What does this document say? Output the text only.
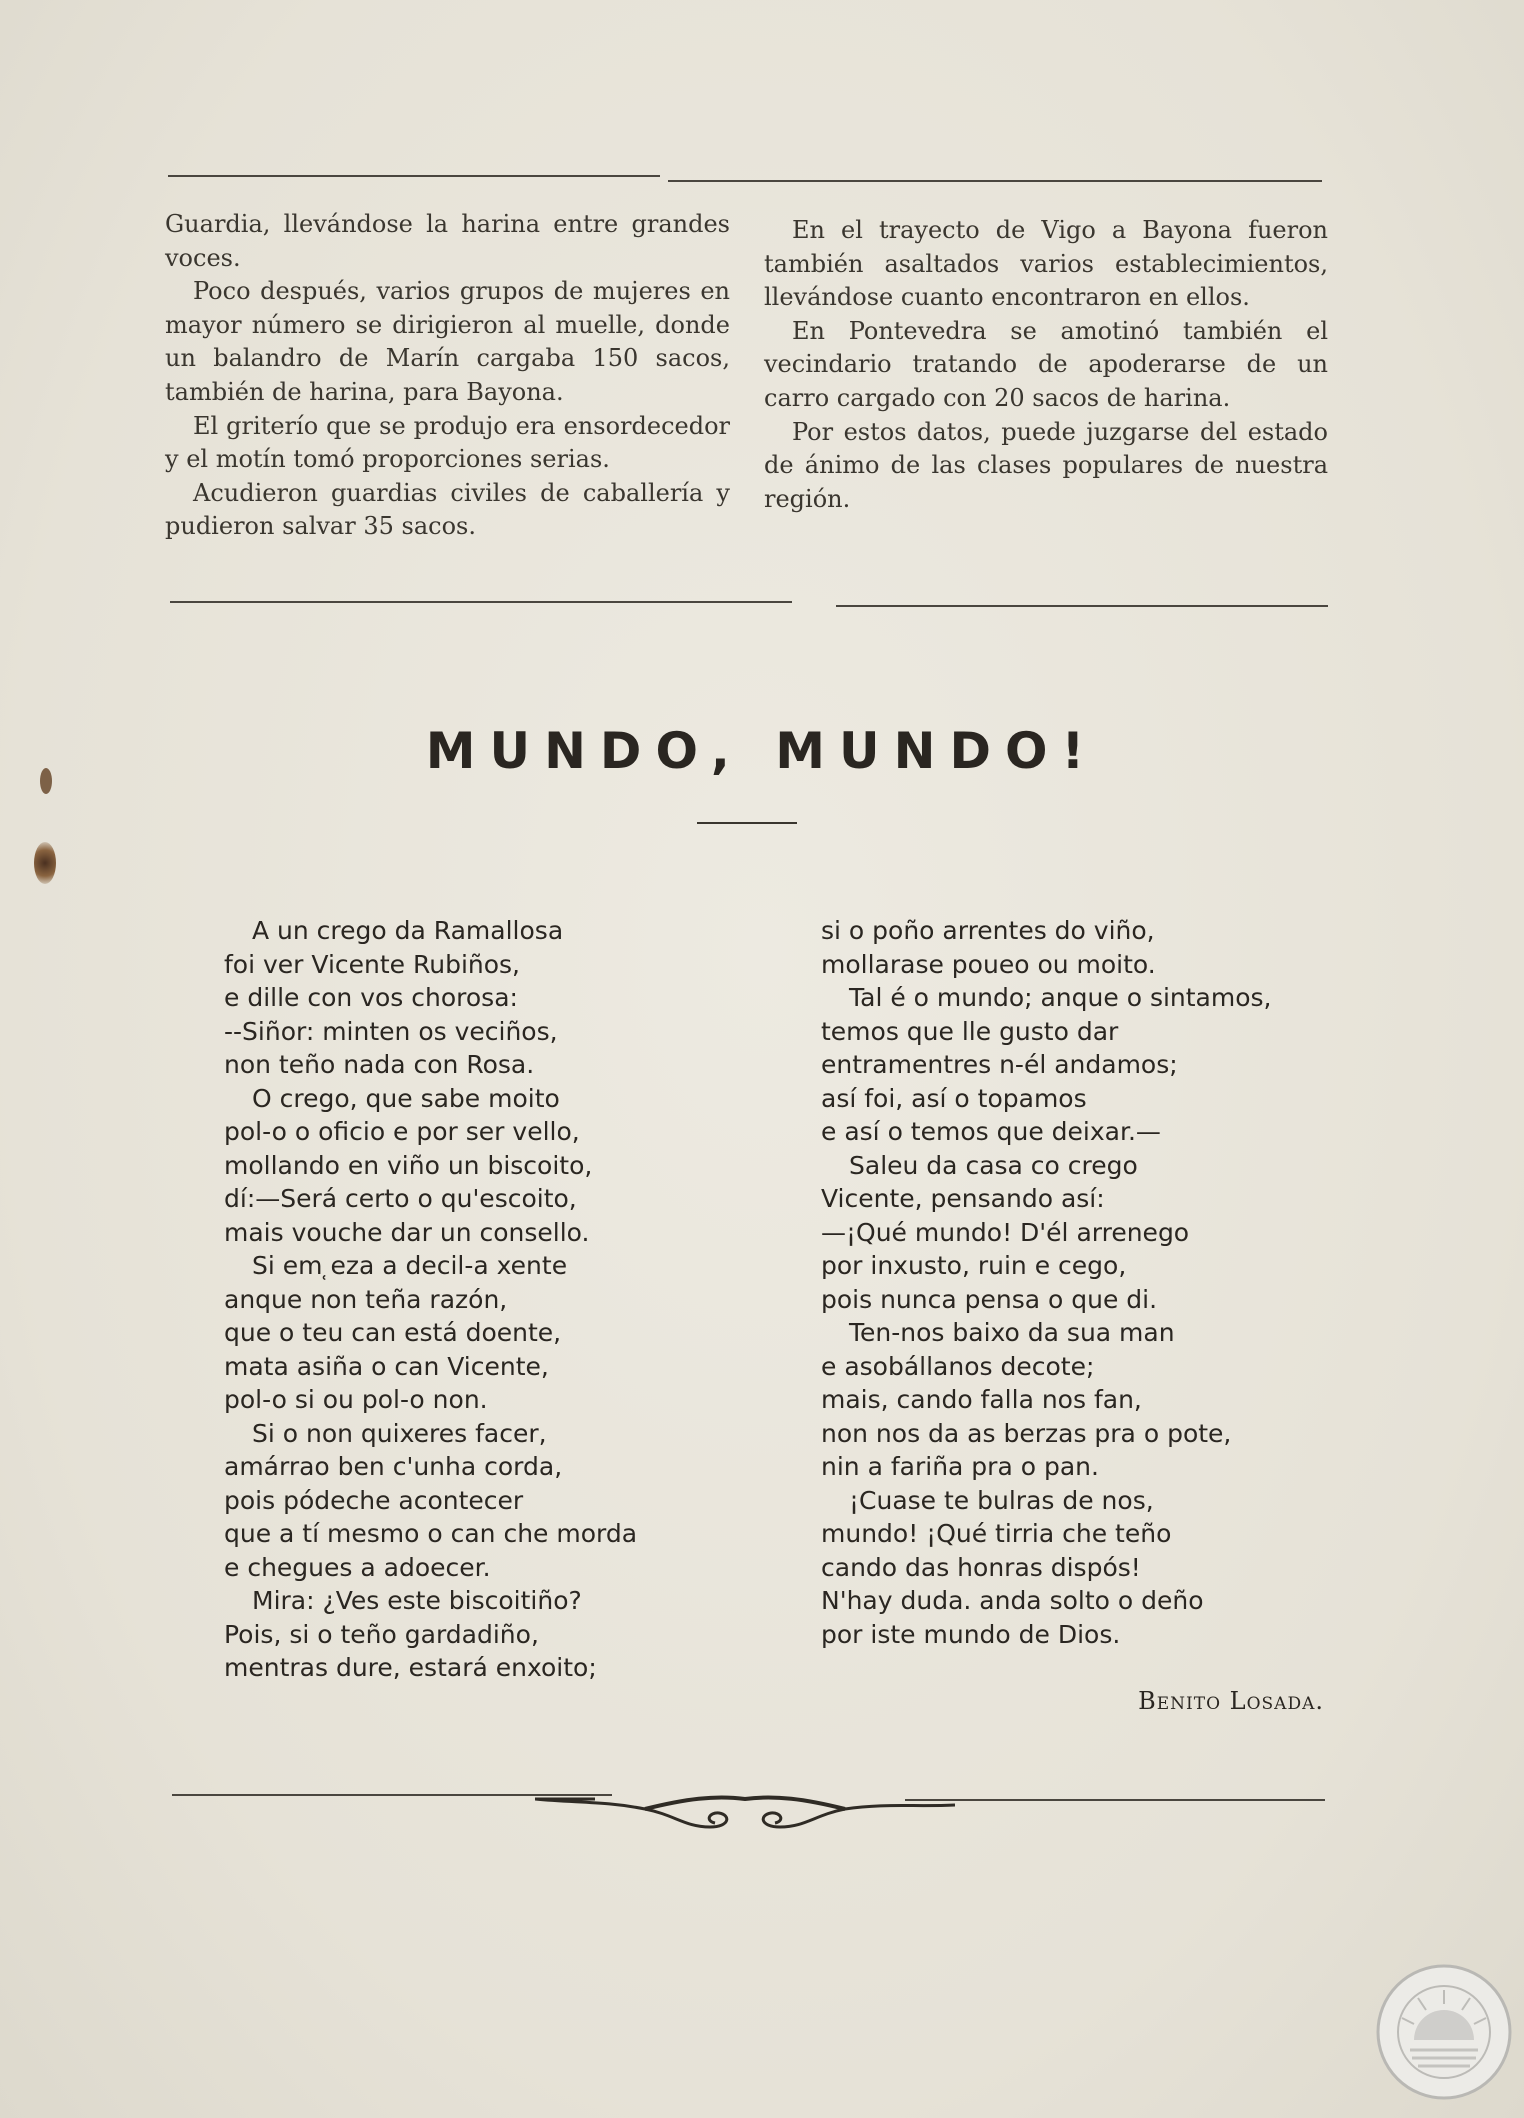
Guardia, llevándose la harina entre grandes voces.

Poco después, varios grupos de mujeres en mayor número se dirigieron al muelle, donde un balandro de Marín cargaba 150 sacos, también de harina, para Bayona.

El griterío que se produjo era ensordecedor y el motín tomó proporciones serias.

Acudieron guardias civiles de caballería y pudieron salvar 35 sacos.

En el trayecto de Vigo a Bayona fueron también asaltados varios establecimientos, llevándose cuanto encontraron en ellos.

En Pontevedra se amotinó también el vecindario tratando de apoderarse de un carro cargado con 20 sacos de harina.

Por estos datos, puede juzgarse del estado de ánimo de las clases populares de nuestra región.

MUNDO, MUNDO!
A un crego da Ramallosa
foi ver Vicente Rubiños,
e dille con vos chorosa:
--Siñor: minten os veciños,
non teño nada con Rosa.
O crego, que sabe moito
pol-o o oficio e por ser vello,
mollando en viño un biscoito,
dí:—Será certo o qu'escoito,
mais vouche dar un consello.
Si em ̜eza a decil-a xente
anque non teña razón,
que o teu can está doente,
mata asiña o can Vicente,
pol-o si ou pol-o non.
Si o non quixeres facer,
amárrao ben c'unha corda,
pois pódeche acontecer
que a tí mesmo o can che morda
e chegues a adoecer.
Mira: ¿Ves este biscoitiño?
Pois, si o teño gardadiño,
mentras dure, estará enxoito;
si o poño arrentes do viño,
mollarase poueo ou moito.
Tal é o mundo; anque o sintamos,
temos que lle gusto dar
entramentres n-él andamos;
así foi, así o topamos
e así o temos que deixar.—
Saleu da casa co crego
Vicente, pensando así:
—¡Qué mundo! D'él arrenego
por inxusto, ruin e cego,
pois nunca pensa o que di.
Ten-nos baixo da sua man
e asobállanos decote;
mais, cando falla nos fan,
non nos da as berzas pra o pote,
nin a fariña pra o pan.
¡Cuase te bulras de nos,
mundo! ¡Qué tirria che teño
cando das honras dispós!
N'hay duda. anda solto o deño
por iste mundo de Dios.
Benito Losada.
